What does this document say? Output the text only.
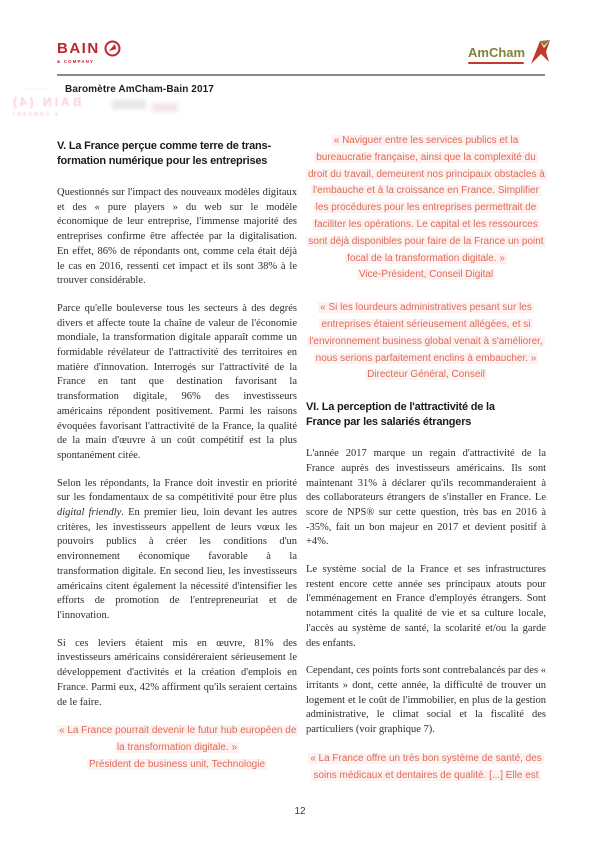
BAIN
& COMPANY
AmCham
Baromètre AmCham-Bain 2017
....... ..
BAIN (4)
& COMPANY
V. La France perçue comme terre de trans-
formation numérique pour les entreprises

Questionnés sur l'impact des nouveaux modèles digitaux et des « pure players » du web sur le modèle économique de leur entreprise, l'immense majorité des entreprises confirme être affectée par la digitalisation. En effet, 86% de répondants ont, comme cela était déjà le cas en 2016, ressenti cet impact et ils sont 38% à le trouver considérable.

Parce qu'elle bouleverse tous les secteurs à des degrés divers et affecte toute la chaîne de valeur de l'économie mondiale, la transformation digitale apparaît comme un formidable révélateur de l'attractivité des territoires en matière d'innovation. Interrogés sur l'attractivité de la France en tant que destination favorisant la transformation digitale, 96% des investisseurs américains répondent positivement. Parmi les raisons évoquées favorisant l'attractivité de la France, la qualité de la main d'œuvre à un coût compétitif est la plus spontanément citée.

Selon les répondants, la France doit investir en priorité sur les fondamentaux de sa compétitivité pour être plus digital friendly. En premier lieu, loin devant les autres critères, les investisseurs appellent de leurs vœux les pouvoirs publics à créer les conditions d'un environnement économique favorable à la transformation digitale. En second lieu, les investisseurs américains citent également la nécessité d'intensifier les efforts de promotion de l'entrepreneuriat et de l'innovation.

Si ces leviers étaient mis en œuvre, 81% des investisseurs américains considéreraient sérieusement le développement d'activités et la création d'emplois en France. Parmi eux, 42% affirment qu'ils seraient certains de le faire.

« La France pourrait devenir le futur hub européen de la transformation digitale. »
Président de business unit, Technologie
« Naviguer entre les services publics et la bureaucratie française, ainsi que la complexité du droit du travail, demeurent nos principaux obstacles à l'embauche et à la croissance en France. Simplifier les procédures pour les entreprises permettrait de faciliter les opérations. Le capital et les ressources sont déjà disponibles pour faire de la France un point focal de la transformation digitale. »
Vice-Président, Conseil Digital
« Si les lourdeurs administratives pesant sur les entreprises étaient sérieusement allégées, et si l'environnement business global venait à s'améliorer, nous serions parfaitement enclins à embaucher. »
Directeur Général, Conseil
VI. La perception de l'attractivité de la
France par les salariés étrangers

L'année 2017 marque un regain d'attractivité de la France auprès des investisseurs américains. Ils sont maintenant 31% à déclarer qu'ils recommanderaient à des collaborateurs étrangers de s'installer en France. Le score de NPS® sur cette question, très bas en 2016 à -35%, fait un bon majeur en 2017 et devient positif à +4%.

Le système social de la France et ses infrastructures restent encore cette année ses principaux atouts pour l'emménagement en France d'employés étrangers. Sont notamment cités la qualité de vie et sa culture locale, l'accès au système de santé, la scolarité et/ou la garde des enfants.

Cependant, ces points forts sont contrebalancés par des « irritants » dont, cette année, la difficulté de trouver un logement et le coût de l'immobilier, en plus de la gestion administrative, le climat social et la fiscalité des particuliers (voir graphique 7).

« La France offre un très bon système de santé, des soins médicaux et dentaires de qualité. [...] Elle est
12
